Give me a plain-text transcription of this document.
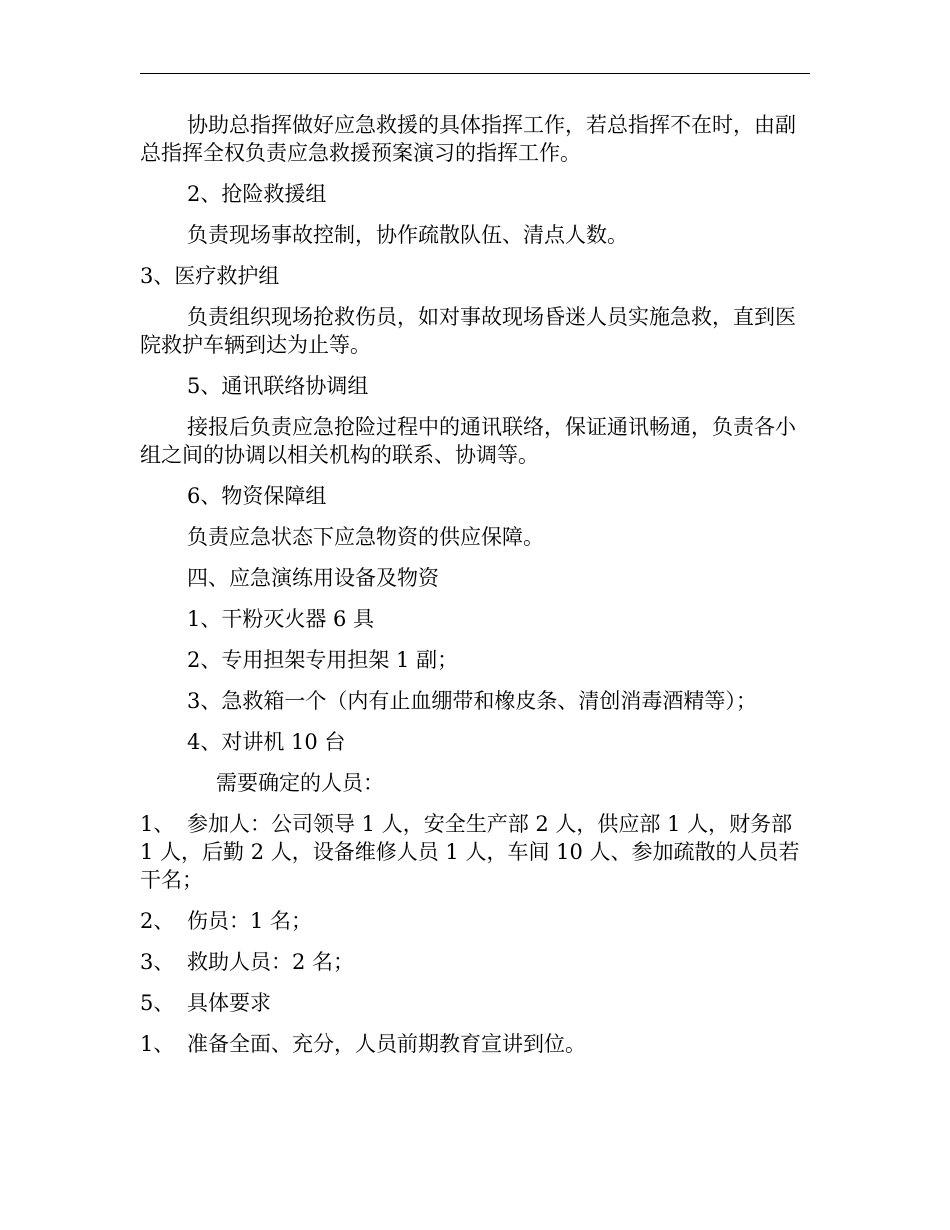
协助总指挥做好应急救援的具体指挥工作，若总指挥不在时，由副总指挥全权负责应急救援预案演习的指挥工作。

2、抢险救援组

负责现场事故控制，协作疏散队伍、清点人数。

3、医疗救护组

负责组织现场抢救伤员，如对事故现场昏迷人员实施急救，直到医院救护车辆到达为止等。

5、通讯联络协调组

接报后负责应急抢险过程中的通讯联络，保证通讯畅通，负责各小组之间的协调以相关机构的联系、协调等。

6、物资保障组

负责应急状态下应急物资的供应保障。

四、应急演练用设备及物资

1、干粉灭火器 6 具

2、专用担架专用担架 1 副；

3、急救箱一个（内有止血绷带和橡皮条、清创消毒酒精等）；

4、对讲机 10 台

需要确定的人员：

1、 参加人：公司领导 1 人，安全生产部 2 人，供应部 1 人，财务部 1 人，后勤 2 人，设备维修人员 1 人，车间 10 人、参加疏散的人员若干名；
2、 伤员：1 名；
3、 救助人员：2 名；
5、 具体要求
1、 准备全面、充分，人员前期教育宣讲到位。
